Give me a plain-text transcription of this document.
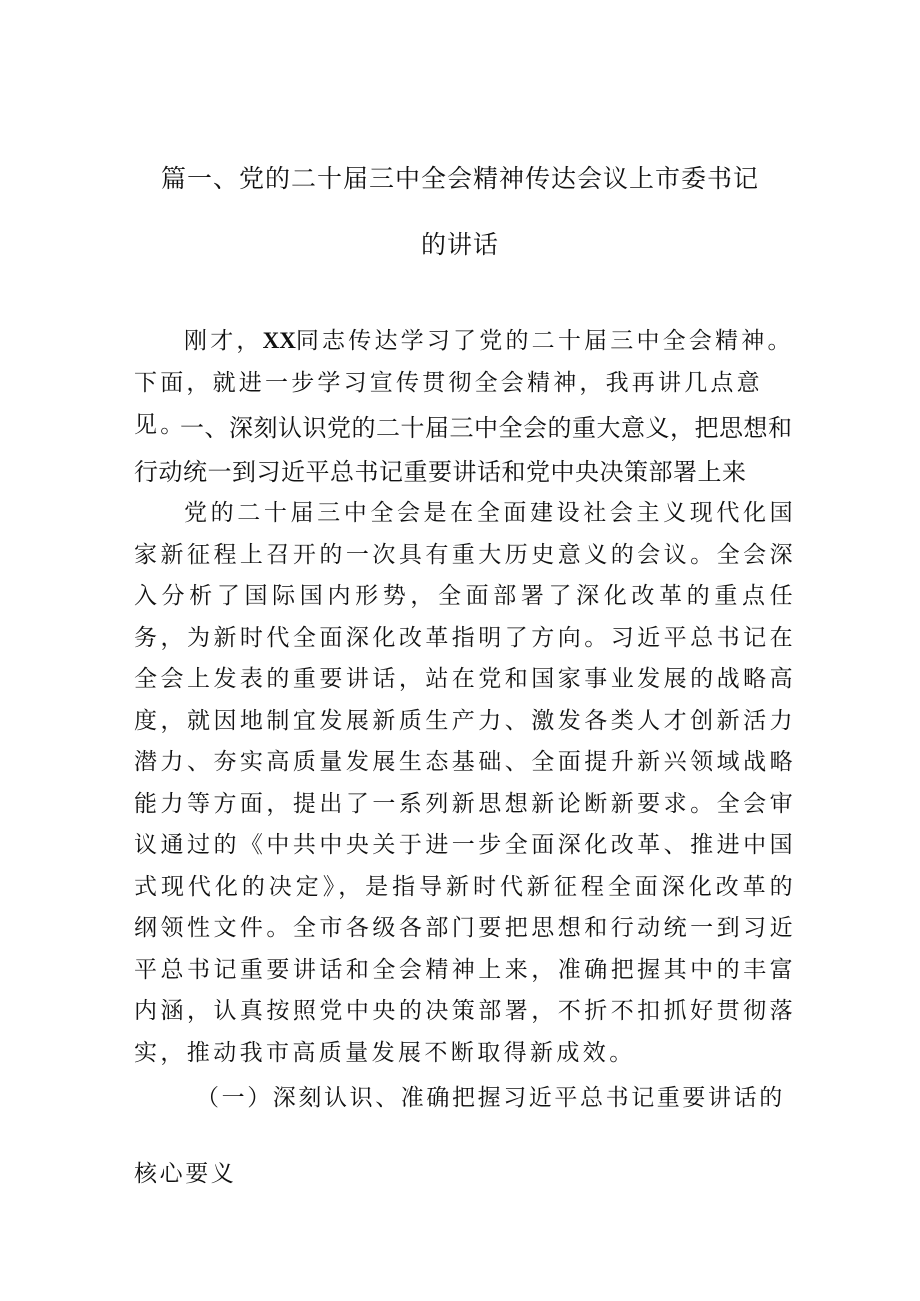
篇一、党的二十届三中全会精神传达会议上市委书记的讲话

刚才，XX同志传达学习了党的二十届三中全会精神。下面，就进一步学习宣传贯彻全会精神，我再讲几点意见。

一、深刻认识党的二十届三中全会的重大意义，把思想和行动统一到习近平总书记重要讲话和党中央决策部署上来

党的二十届三中全会是在全面建设社会主义现代化国家新征程上召开的一次具有重大历史意义的会议。全会深入分析了国际国内形势，全面部署了深化改革的重点任务，为新时代全面深化改革指明了方向。习近平总书记在全会上发表的重要讲话，站在党和国家事业发展的战略高度，就因地制宜发展新质生产力、激发各类人才创新活力潜力、夯实高质量发展生态基础、全面提升新兴领域战略能力等方面，提出了一系列新思想新论断新要求。全会审议通过的《中共中央关于进一步全面深化改革、推进中国式现代化的决定》，是指导新时代新征程全面深化改革的纲领性文件。全市各级各部门要把思想和行动统一到习近平总书记重要讲话和全会精神上来，准确把握其中的丰富内涵，认真按照党中央的决策部署，不折不扣抓好贯彻落实，推动我市高质量发展不断取得新成效。

（一）深刻认识、准确把握习近平总书记重要讲话的核心要义
